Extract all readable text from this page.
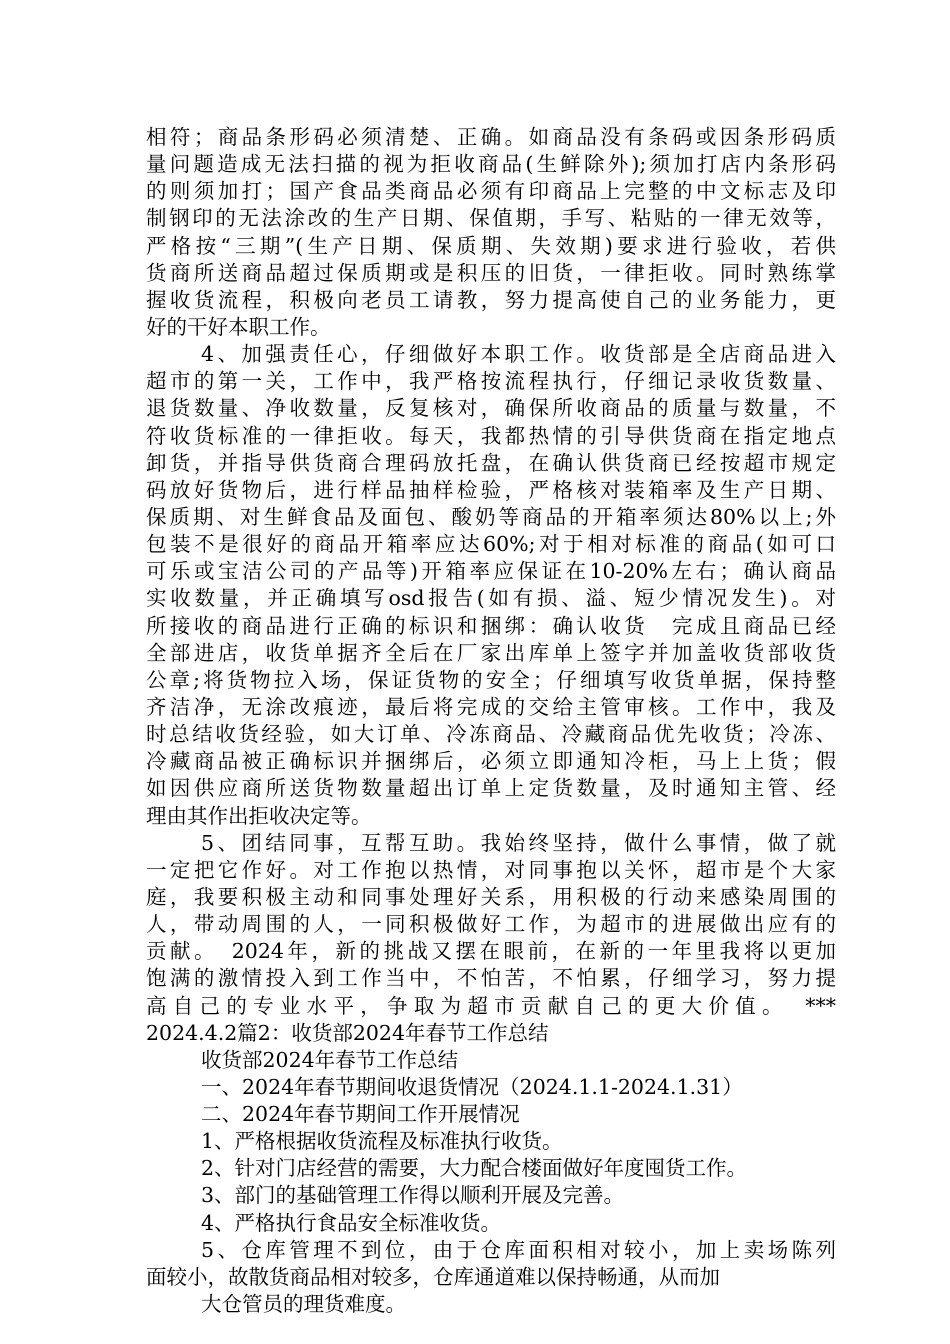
相符；商品条形码必须清楚、正确。如商品没有条码或因条形码质
量问题造成无法扫描的视为拒收商品(生鲜除外);须加打店内条形码
的则须加打；国产食品类商品必须有印商品上完整的中文标志及印
制钢印的无法涂改的生产日期、保值期，手写、粘贴的一律无效等，
严格按“三期”(生产日期、保质期、失效期)要求进行验收，若供
货商所送商品超过保质期或是积压的旧货，一律拒收。同时熟练掌
握收货流程，积极向老员工请教，努力提高使自己的业务能力，更
好的干好本职工作。
4、加强责任心，仔细做好本职工作。收货部是全店商品进入
超市的第一关，工作中，我严格按流程执行，仔细记录收货数量、
退货数量、净收数量，反复核对，确保所收商品的质量与数量，不
符收货标准的一律拒收。每天，我都热情的引导供货商在指定地点
卸货，并指导供货商合理码放托盘，在确认供货商已经按超市规定
码放好货物后，进行样品抽样检验，严格核对装箱率及生产日期、
保质期、对生鲜食品及面包、酸奶等商品的开箱率须达80%以上;外
包装不是很好的商品开箱率应达60%;对于相对标准的商品(如可口
可乐或宝洁公司的产品等)开箱率应保证在10-20%左右；确认商品
实收数量，并正确填写osd报告(如有损、溢、短少情况发生)。对
所接收的商品进行正确的标识和捆绑：确认收货　完成且商品已经
全部进店，收货单据齐全后在厂家出库单上签字并加盖收货部收货
公章;将货物拉入场，保证货物的安全；仔细填写收货单据，保持整
齐洁净，无涂改痕迹，最后将完成的交给主管审核。工作中，我及
时总结收货经验，如大订单、冷冻商品、冷藏商品优先收货；冷冻、
冷藏商品被正确标识并捆绑后，必须立即通知冷柜，马上上货；假
如因供应商所送货物数量超出订单上定货数量，及时通知主管、经
理由其作出拒收决定等。
5、团结同事，互帮互助。我始终坚持，做什么事情，做了就
一定把它作好。对工作抱以热情，对同事抱以关怀，超市是个大家
庭，我要积极主动和同事处理好关系，用积极的行动来感染周围的
人，带动周围的人，一同积极做好工作，为超市的进展做出应有的
贡献。　2024年，新的挑战又摆在眼前，在新的一年里我将以更加
饱满的激情投入到工作当中，不怕苦，不怕累，仔细学习，努力提
高自己的专业水平，争取为超市贡献自己的更大价值。　***
2024.4.2篇2：收货部2024年春节工作总结
收货部2024年春节工作总结
一、2024年春节期间收退货情况（2024.1.1-2024.1.31）
二、2024年春节期间工作开展情况
1、严格根据收货流程及标准执行收货。
2、针对门店经营的需要，大力配合楼面做好年度囤货工作。
3、部门的基础管理工作得以顺利开展及完善。
4、严格执行食品安全标准收货。
5、仓库管理不到位，由于仓库面积相对较小，加上卖场陈列
面较小，故散货商品相对较多，仓库通道难以保持畅通，从而加
大仓管员的理货难度。
